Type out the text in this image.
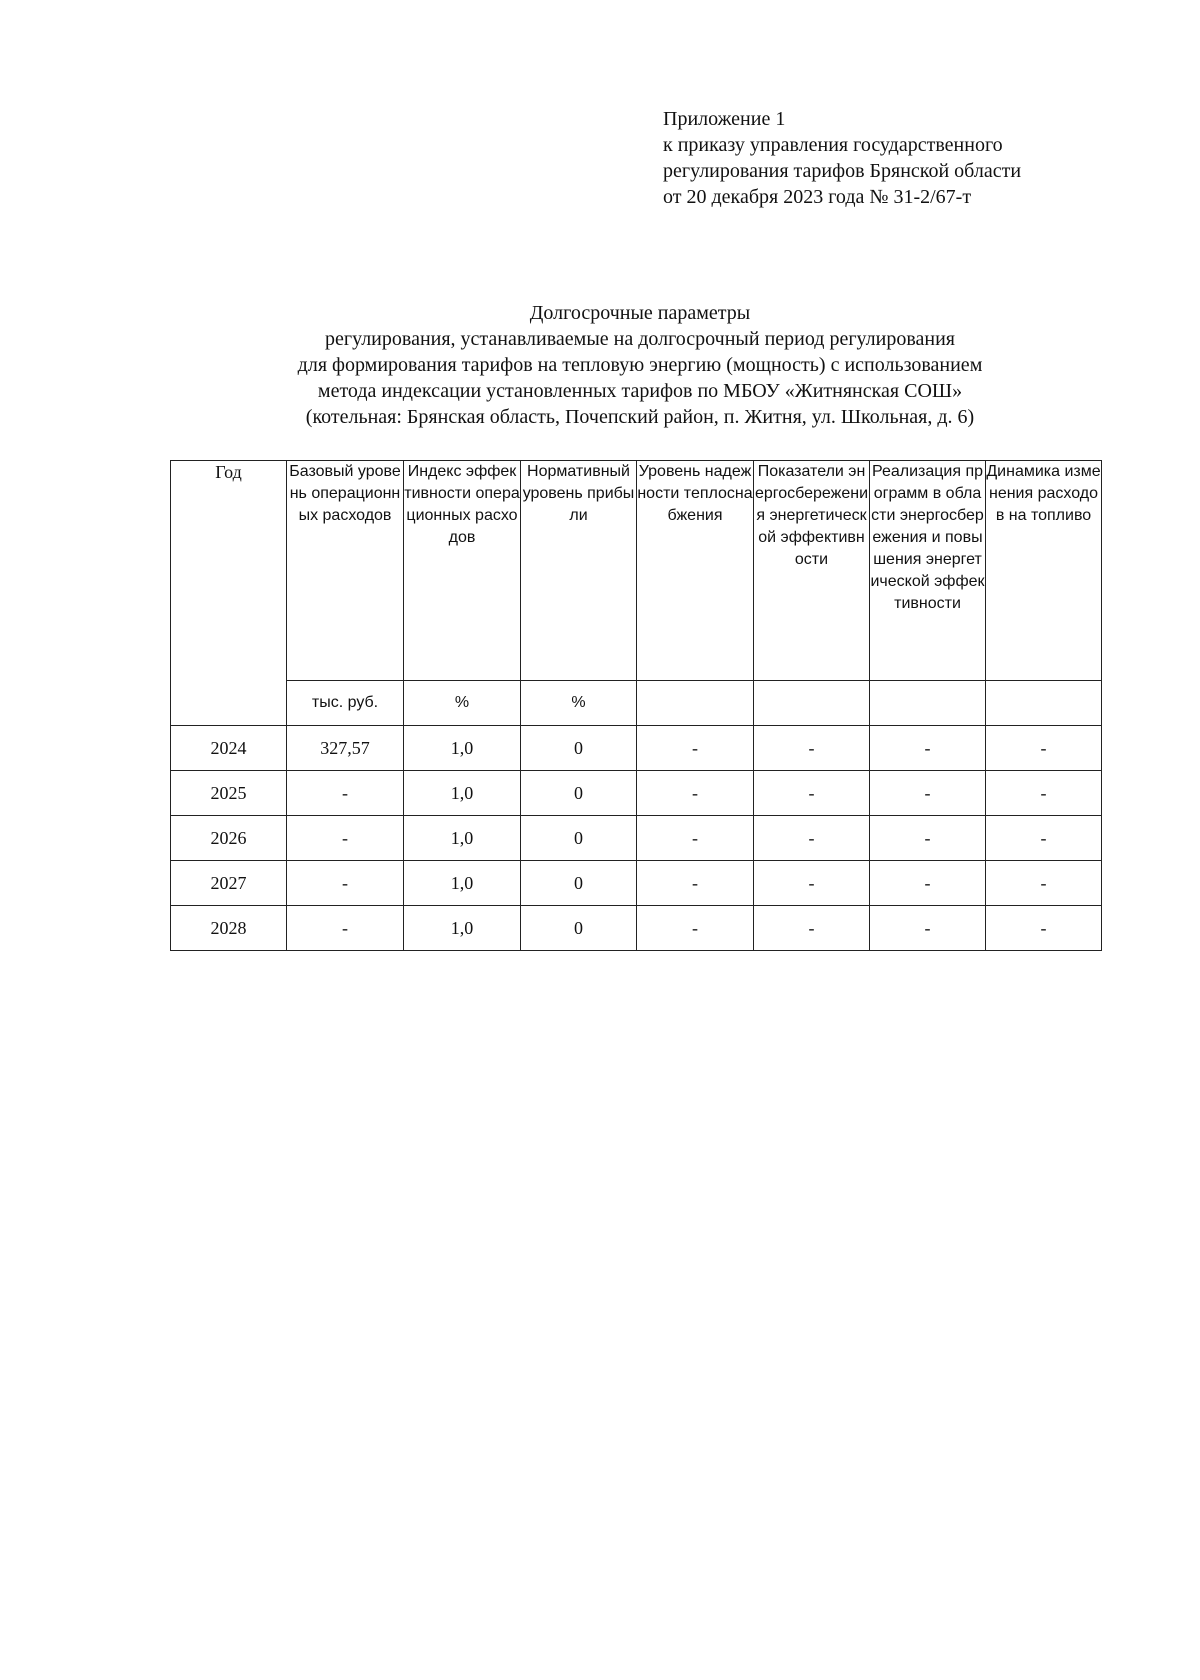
Приложение 1
к приказу управления государственного
регулирования тарифов Брянской области
от 20 декабря 2023 года № 31-2/67-т
Долгосрочные параметры
регулирования, устанавливаемые на долгосрочный период регулирования
для формирования тарифов на тепловую энергию (мощность) с использованием
метода индексации установленных тарифов по МБОУ «Житнянская СОШ»
(котельная: Брянская область, Почепский район, п. Житня, ул. Школьная, д. 6)
Год	Базовый уровень операционных расходов	Индекс эффективности операционных расходов	Нормативный уровень прибыли	Уровень надежности теплоснабжения	Показатели энергосбережения энергетической эффективности	Реализация программ в области энергосбережения и повышения энергетической эффективности	Динамика изменения расходов на топливо
	тыс. руб.	%	%				
2024	327,57	1,0	0	-	-	-	-
2025	-	1,0	0	-	-	-	-
2026	-	1,0	0	-	-	-	-
2027	-	1,0	0	-	-	-	-
2028	-	1,0	0	-	-	-	-
